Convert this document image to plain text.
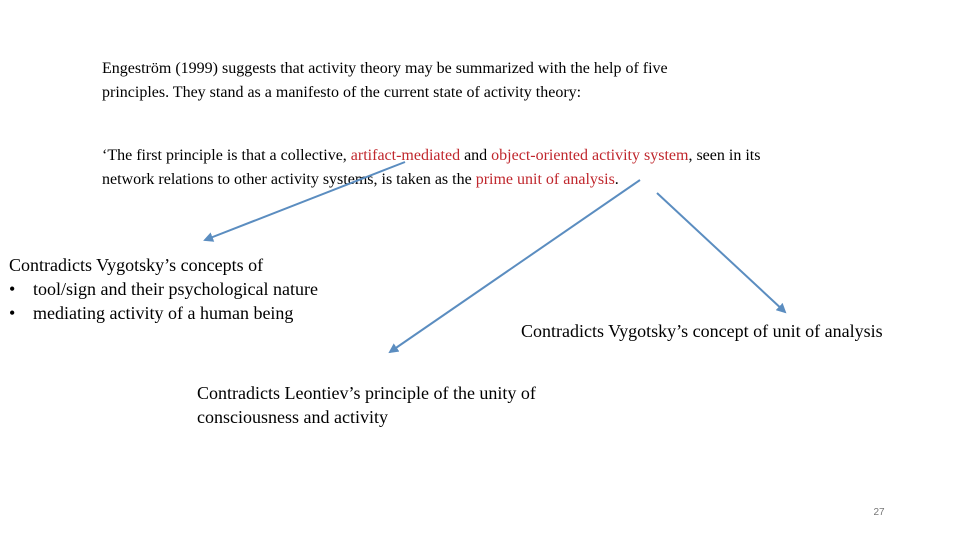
Engeström (1999) suggests that activity theory may be summarized with the help of five
principles. They stand as a manifesto of the current state of activity theory:
‘The first principle is that a collective, artifact-mediated and object-oriented activity system, seen in its network relations to other activity systems, is taken as the prime unit of analysis.
Contradicts Vygotsky’s concepts of
• tool/sign and their psychological nature
• mediating activity of a human being
Contradicts Vygotsky’s concept of unit of analysis
Contradicts Leontiev’s principle of the unity of
consciousness and activity
27
